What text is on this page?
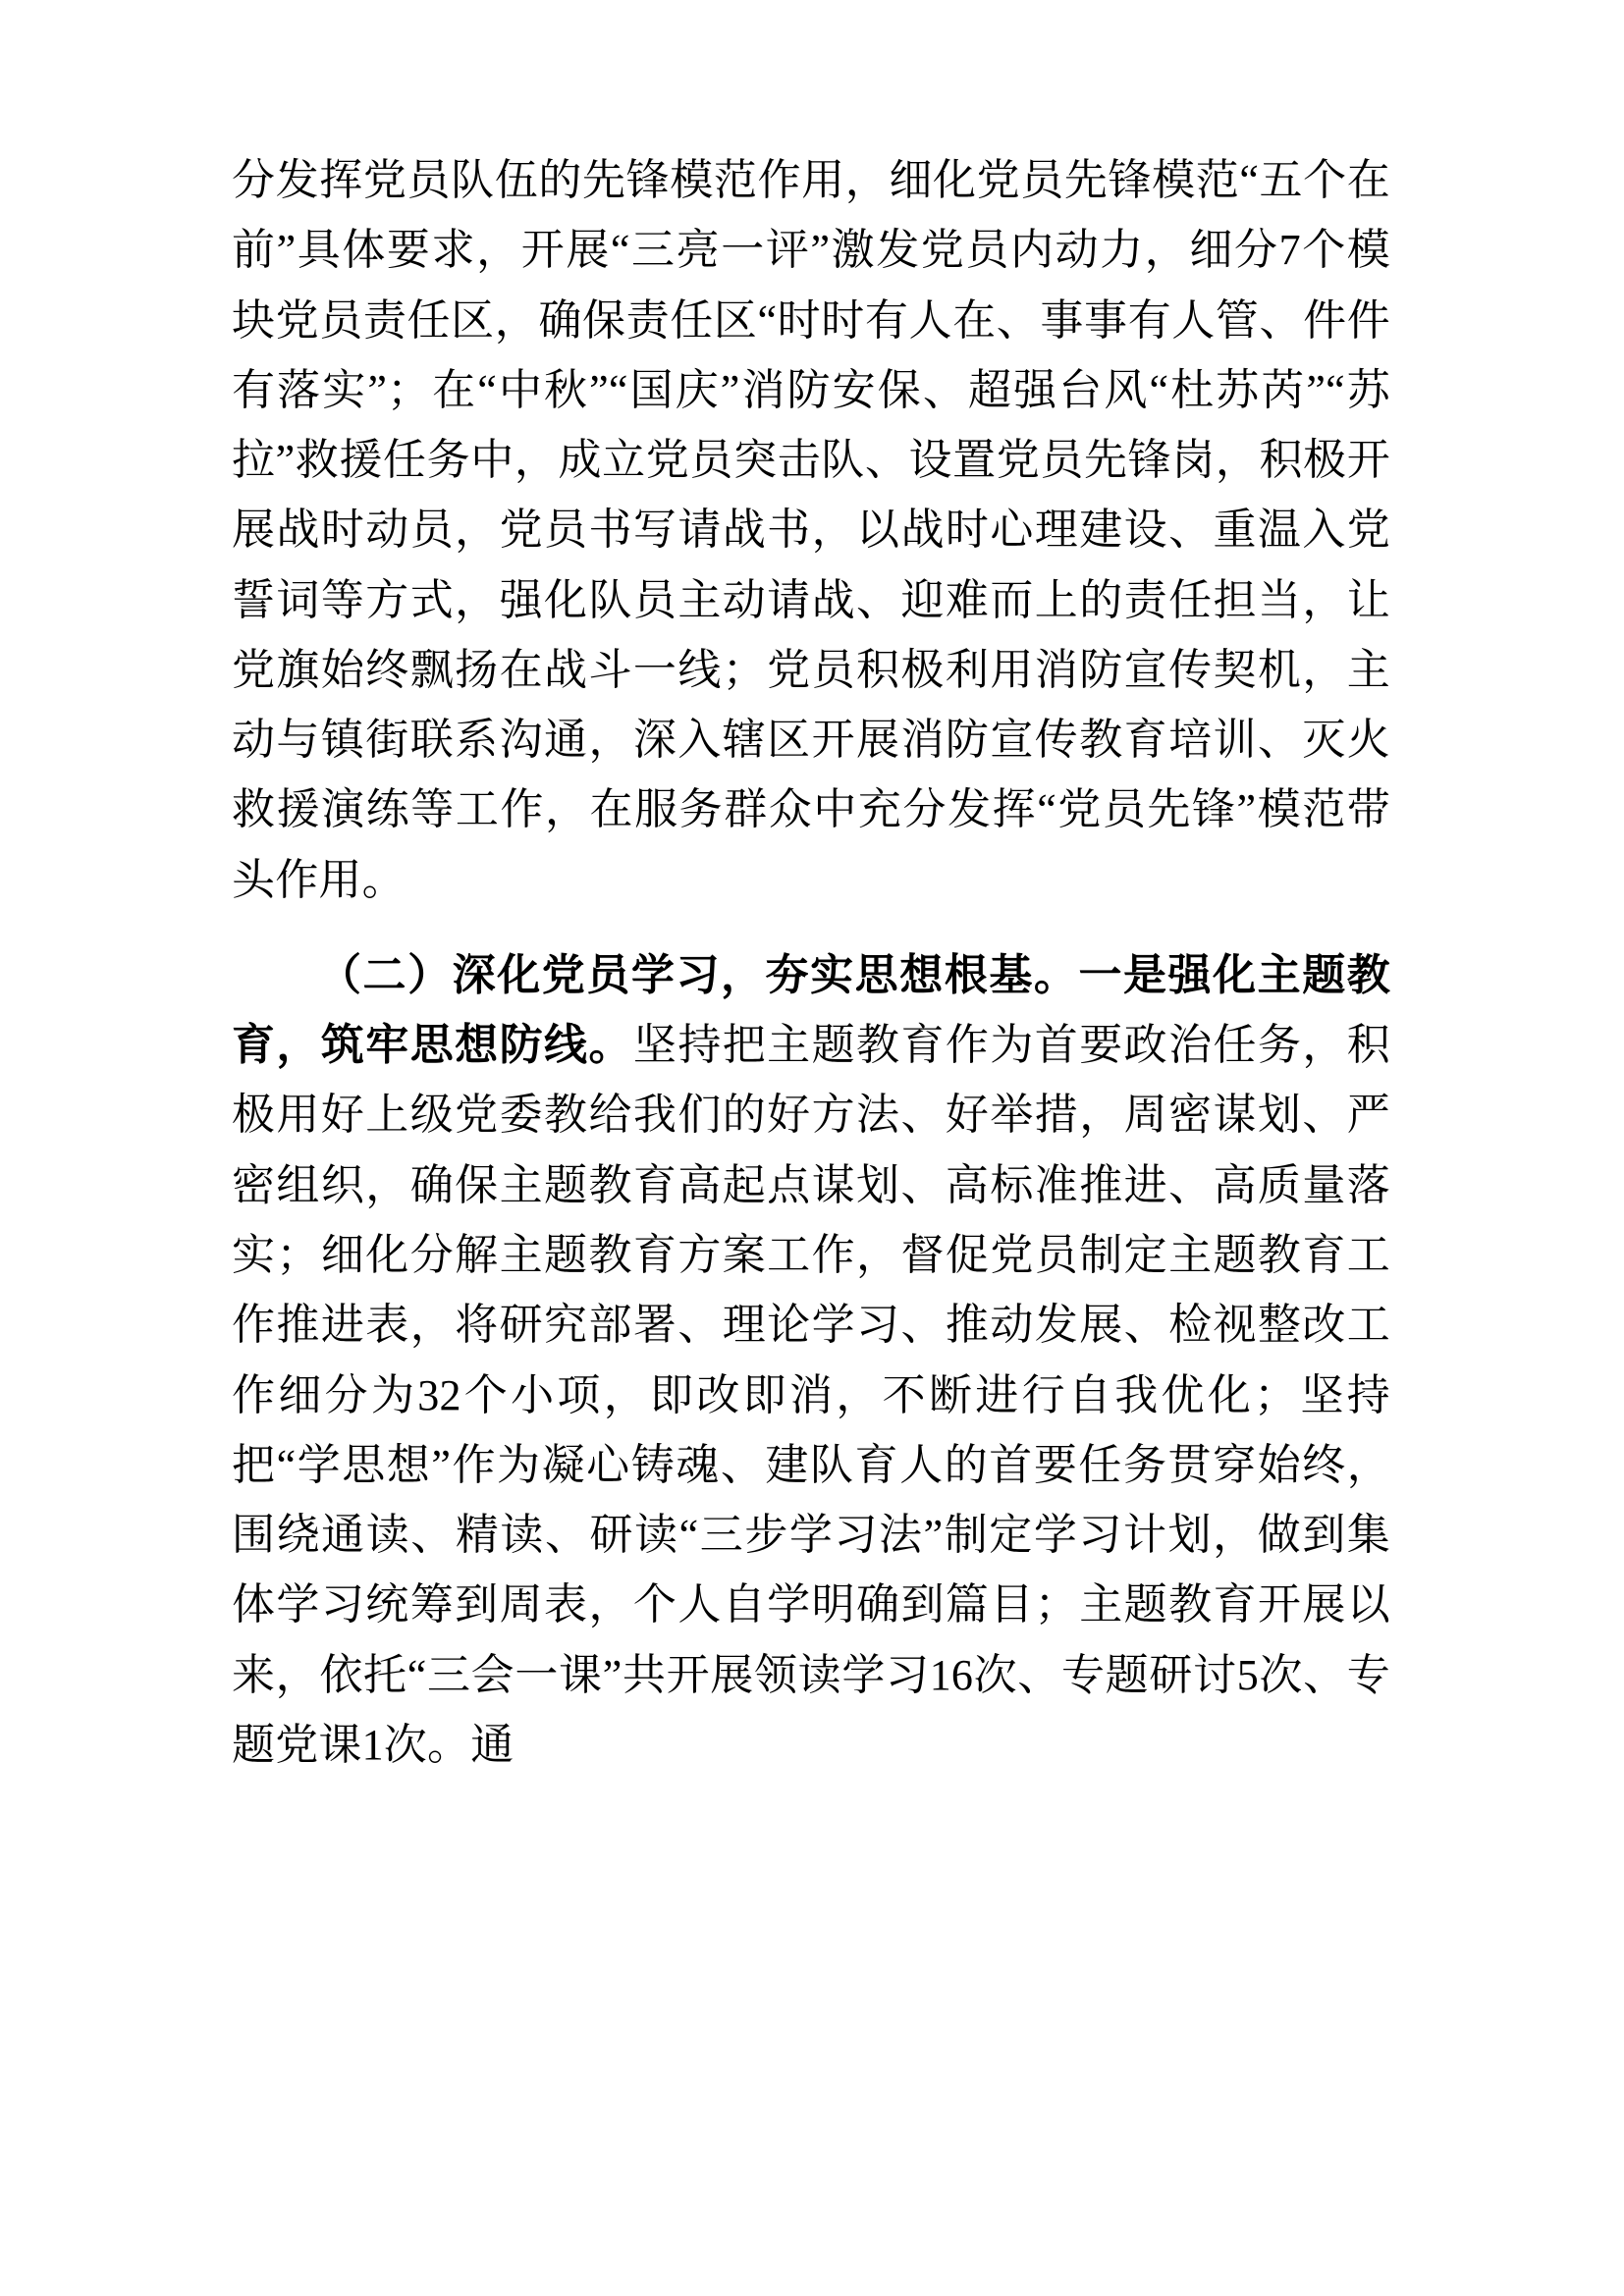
分发挥党员队伍的先锋模范作用，细化党员先锋模范“五个在前”具体要求，开展“三亮一评”激发党员内动力，细分7个模块党员责任区，确保责任区“时时有人在、事事有人管、件件有落实”；在“中秋”“国庆”消防安保、超强台风“杜苏芮”“苏拉”救援任务中，成立党员突击队、设置党员先锋岗，积极开展战时动员，党员书写请战书，以战时心理建设、重温入党誓词等方式，强化队员主动请战、迎难而上的责任担当，让党旗始终飘扬在战斗一线；党员积极利用消防宣传契机，主动与镇街联系沟通，深入辖区开展消防宣传教育培训、灭火救援演练等工作，在服务群众中充分发挥“党员先锋”模范带头作用。

（二）深化党员学习，夯实思想根基。一是强化主题教育，筑牢思想防线。坚持把主题教育作为首要政治任务，积极用好上级党委教给我们的好方法、好举措，周密谋划、严密组织，确保主题教育高起点谋划、高标准推进、高质量落实；细化分解主题教育方案工作，督促党员制定主题教育工作推进表，将研究部署、理论学习、推动发展、检视整改工作细分为32个小项，即改即消，不断进行自我优化；坚持把“学思想”作为凝心铸魂、建队育人的首要任务贯穿始终，围绕通读、精读、研读“三步学习法”制定学习计划，做到集体学习统筹到周表，个人自学明确到篇目；主题教育开展以来，依托“三会一课”共开展领读学习16次、专题研讨5次、专题党课1次。通
